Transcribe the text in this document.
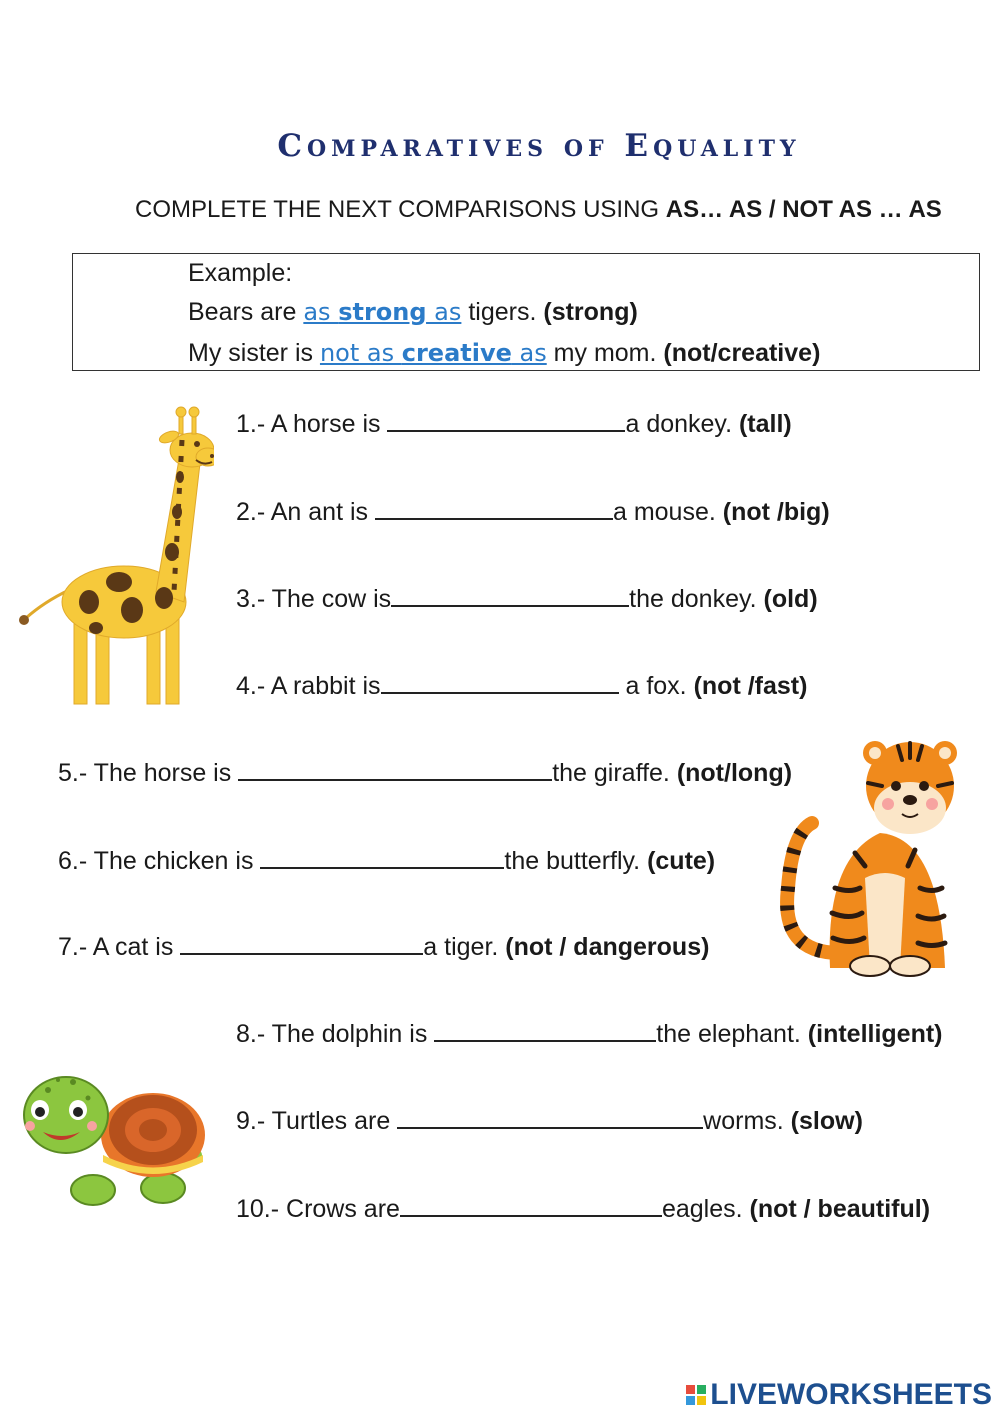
Comparatives of Equality
COMPLETE THE NEXT COMPARISONS USING AS… AS / NOT AS … AS
Example:
Bears are as strong as tigers. (strong)
My sister is not as creative as my mom. (not/creative)
1.- A horse is	a donkey. (tall)
2.- An ant is	a mouse. (not /big)
3.- The cow is	the donkey. (old)
4.- A rabbit is	a fox. (not /fast)
5.- The horse is	the giraffe. (not/long)
6.- The chicken is	the butterfly. (cute)
7.- A cat is	a tiger. (not / dangerous)
8.- The dolphin is	the elephant. (intelligent)
9.- Turtles are	worms. (slow)
10.- Crows are	eagles. (not / beautiful)
LIVEWORKSHEETS
